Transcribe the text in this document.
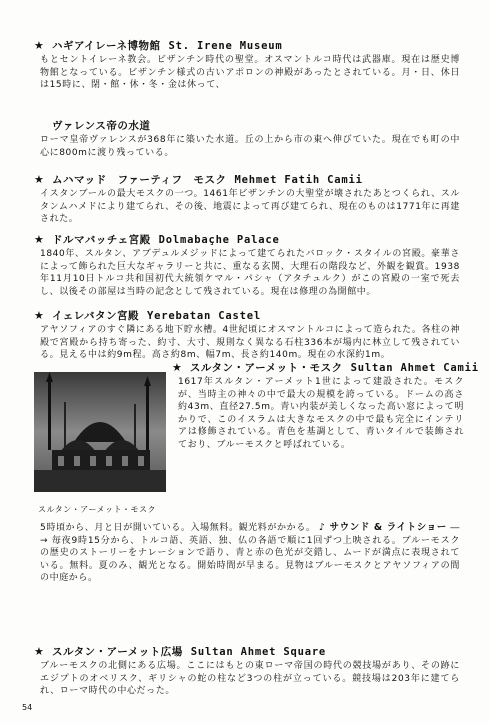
★ ハギアイレーネ博物館 St. Irene Museum

もとセントイレーネ教会。ビザンチン時代の聖堂。オスマントルコ時代は武器庫。現在は歴史博物館となっている。ビザンチン様式の古いアポロンの神殿があったとされている。月・日、休日は15時に、閉・館・休・冬・金は休って、

ヴァレンス帝の水道

ローマ皇帝ヴァレンスが368年に築いた水道。丘の上から市の東へ伸びていた。現在でも町の中心に800mに渡り残っている。

★ ムハマッド　ファーティフ　モスク Mehmet Fatih Camii

イスタンブールの最大モスクの一つ。1461年ビザンチンの大聖堂が壊されたあとつくられ、スルタンムハメドにより建てられ、その後、地震によって再び建てられ、現在のものは1771年に再建された。

★ ドルマバッチェ宮殿 Dolmabaçhe Palace

1840年、スルタン、アブデュルメジッドによって建てられたバロック・スタイルの宮殿。豪華さによって飾られた巨大なギャラリーと共に、重なる玄関、大理石の階段など、外観を観賞。1938年11月10日トルコ共和国初代大統領ケマル・パシャ（アタチュルク）がこの宮殿の一室で死去し、以後その部屋は当時の記念として残されている。現在は修理の為開館中。

★ イェレバタン宮殿 Yerebatan Castel

アヤソフィアのすぐ隣にある地下貯水槽。4世紀頃にオスマントルコによって造られた。各柱の神殿で宮殿から持ち寄った、約寸、大寸、規則なく異なる石柱336本が場内に林立して残されている。見える中は約9m程。高さ約8m、幅7m、長さ約140m。現在の水深約1m。

スルタン・アーメット・モスク
★ スルタン・アーメット・モスク Sultan Ahmet Camii

1617年スルタン・アーメット1世によって建設された。モスクが、当時主の神々の中で最大の規模を誇っている。ドームの高さ約43m、直径27.5m。青い内装が美しくなった高い窓によって明かりで、このイスラムは大きなモスクの中で最も完全にインテリアは修飾されている。青色を基調として、青いタイルで装飾されており、ブルーモスクと呼ばれている。

5時頃から、月と日が開いている。入場無料。観光料がかかる。 ♪ サウンド & ライトショー ―→ 毎夜9時15分から、トルコ語、英語、独、仏の各語で順に1回ずつ上映される。ブルーモスクの歴史のストーリーをナレーションで語り、青と赤の色光が交錯し、ムードが満点に表現されている。無料。夏のみ、観光となる。開始時間が早まる。見物はブルーモスクとアヤソフィアの間の中庭から。

★ スルタン・アーメット広場 Sultan Ahmet Square

ブルーモスクの北側にある広場。ここにはもとの東ローマ帝国の時代の競技場があり、その跡にエジプトのオベリスク、ギリシャの蛇の柱など3つの柱が立っている。競技場は203年に建てられ、ローマ時代の中心だった。

54
